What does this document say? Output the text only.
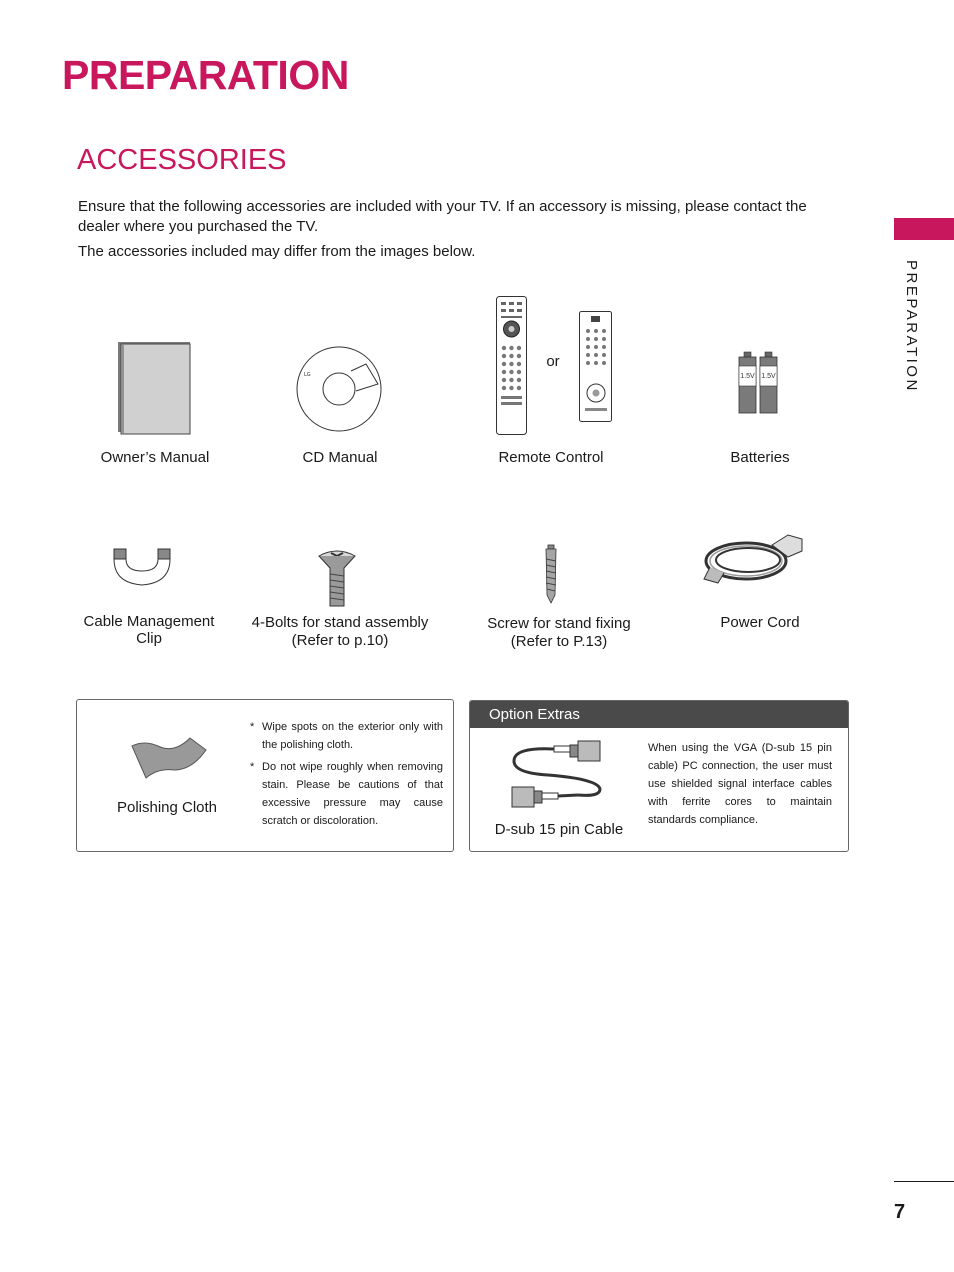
PREPARATION
ACCESSORIES

Ensure that the following accessories are included with your TV. If an accessory is missing, please contact the dealer where you purchased the TV.

The accessories included may differ from the images below.

PREPARATION
Owner’s Manual
LG
CD Manual
or
Remote Control
1.5V 1.5V
Batteries
Cable Management
Clip
4-Bolts for stand assembly
(Refer to p.10)
Screw for stand fixing
(Refer to P.13)
Power Cord
Polishing Cloth
* Wipe spots on the exterior only with the polishing cloth.
* Do not wipe roughly when removing stain. Please be cautions of that excessive pressure may cause scratch or discoloration.
Option Extras
D-sub 15 pin Cable
When using the VGA (D-sub 15 pin cable) PC connection, the user must use shielded signal interface cables with ferrite cores to maintain standards compliance.
7
